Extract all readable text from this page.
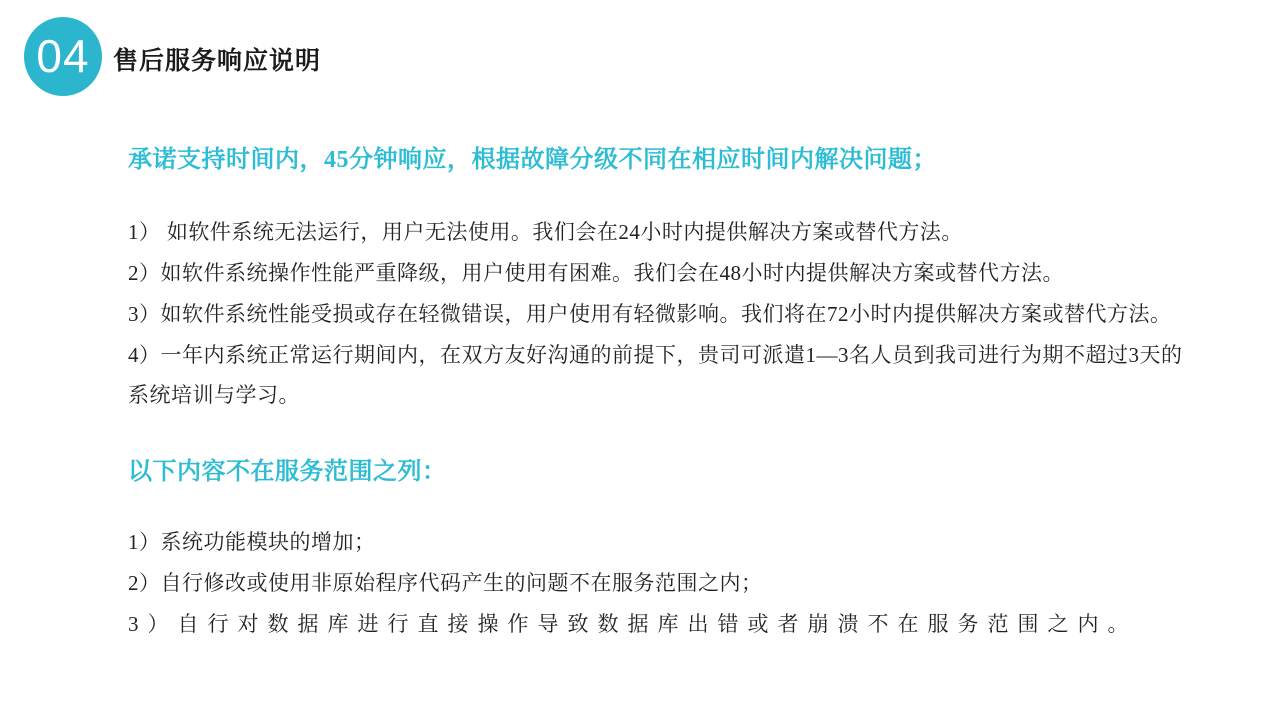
04 售后服务响应说明
承诺支持时间内，45分钟响应，根据故障分级不同在相应时间内解决问题；
1） 如软件系统无法运行，用户无法使用。我们会在24小时内提供解决方案或替代方法。
2）如软件系统操作性能严重降级，用户使用有困难。我们会在48小时内提供解决方案或替代方法。
3）如软件系统性能受损或存在轻微错误，用户使用有轻微影响。我们将在72小时内提供解决方案或替代方法。
4）一年内系统正常运行期间内，在双方友好沟通的前提下，贵司可派遣1—3名人员到我司进行为期不超过3天的系统培训与学习。
以下内容不在服务范围之列：
1）系统功能模块的增加；
2）自行修改或使用非原始程序代码产生的问题不在服务范围之内；
3）自行对数据库进行直接操作导致数据库出错或者崩溃不在服务范围之内。
